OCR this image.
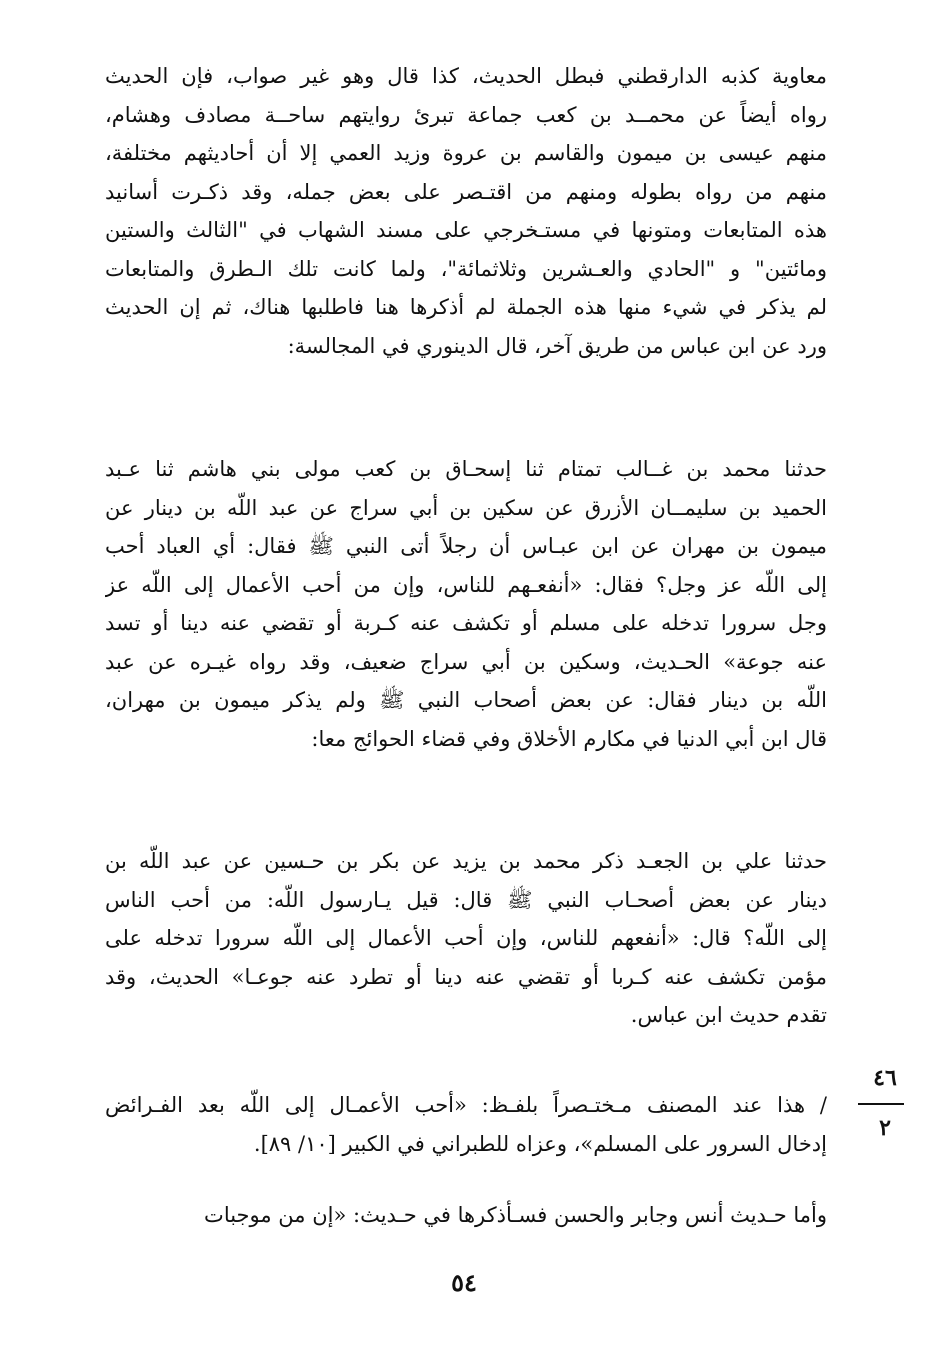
معاوية كذبه الدارقطني فبطل الحديث، كذا قال وهو غير صواب، فإن الحديث
رواه أيضاً عن محمــد بن كعب جماعة تبرئ روايتهم ساحــة مصادف وهشام،
منهم عيسى بن ميمون والقاسم بن عروة وزيد العمي إلا أن أحاديثهم مختلفة،
منهم من رواه بطوله ومنهم من اقتـصر على بعض جمله، وقد ذكـرت أسانيد
هذه المتابعات ومتونها في مستـخرجي على مسند الشهاب في "الثالث والستين
ومائتين" و "الحادي والعـشرين وثلاثمائة"، ولما كانت تلك الـطرق والمتابعات
لم يذكر في شيء منها هذه الجملة لم أذكرها هنا فاطلبها هناك، ثم إن الحديث
ورد عن ابن عباس من طريق آخر، قال الدينوري في المجالسة:
حدثنا محمد بن غــالب تمتام ثنا إسحـاق بن كعب مولى بني هاشم ثنا عـبد
الحميد بن سليمــان الأزرق عن سكين بن أبي سراج عن عبد اللّه بن دينار عن
ميمون بن مهران عن ابن عبـاس أن رجلاً أتى النبي ﷺ فقال: أي العباد أحب
إلى اللّه عز وجل؟ فقال: «أنفعـهم للناس، وإن من أحب الأعمال إلى اللّه عز
وجل سرورا تدخله على مسلم أو تكشف عنه كـربة أو تقضي عنه دينا أو تسد
عنه جوعة» الحـديث، وسكين بن أبي سراج ضعيف، وقد رواه غيـره عن عبد
اللّه بن دينار فقال: عن بعض أصحاب النبي ﷺ ولم يذكر ميمون بن مهران،
قال ابن أبي الدنيا في مكارم الأخلاق وفي قضاء الحوائج معا:
حدثنا علي بن الجعـد ذكر محمد بن يزيد عن بكر بن حـسين عن عبد اللّه بن
دينار عن بعض أصحـاب النبي ﷺ قال: قيل يـارسول اللّه: من أحب الناس
إلى اللّه؟ قال: «أنفعهم للناس، وإن أحب الأعمال إلى اللّه سرورا تدخله على
مؤمن تكشف عنه كـربا أو تقضي عنه دينا أو تطرد عنه جوعـا» الحديث، وقد
تقدم حديث ابن عباس.
/ هذا عند المصنف مـختـصراً بلفـظ: «أحب الأعمـال إلى اللّه بعد الفـرائض
إدخال السرور على المسلم»، وعزاه للطبراني في الكبير [١٠/ ٨٩].
وأما حـديث أنس وجابر والحسن فسـأذكرها في حـديث: «إن من موجبات
٤٦
٢
٥٤
